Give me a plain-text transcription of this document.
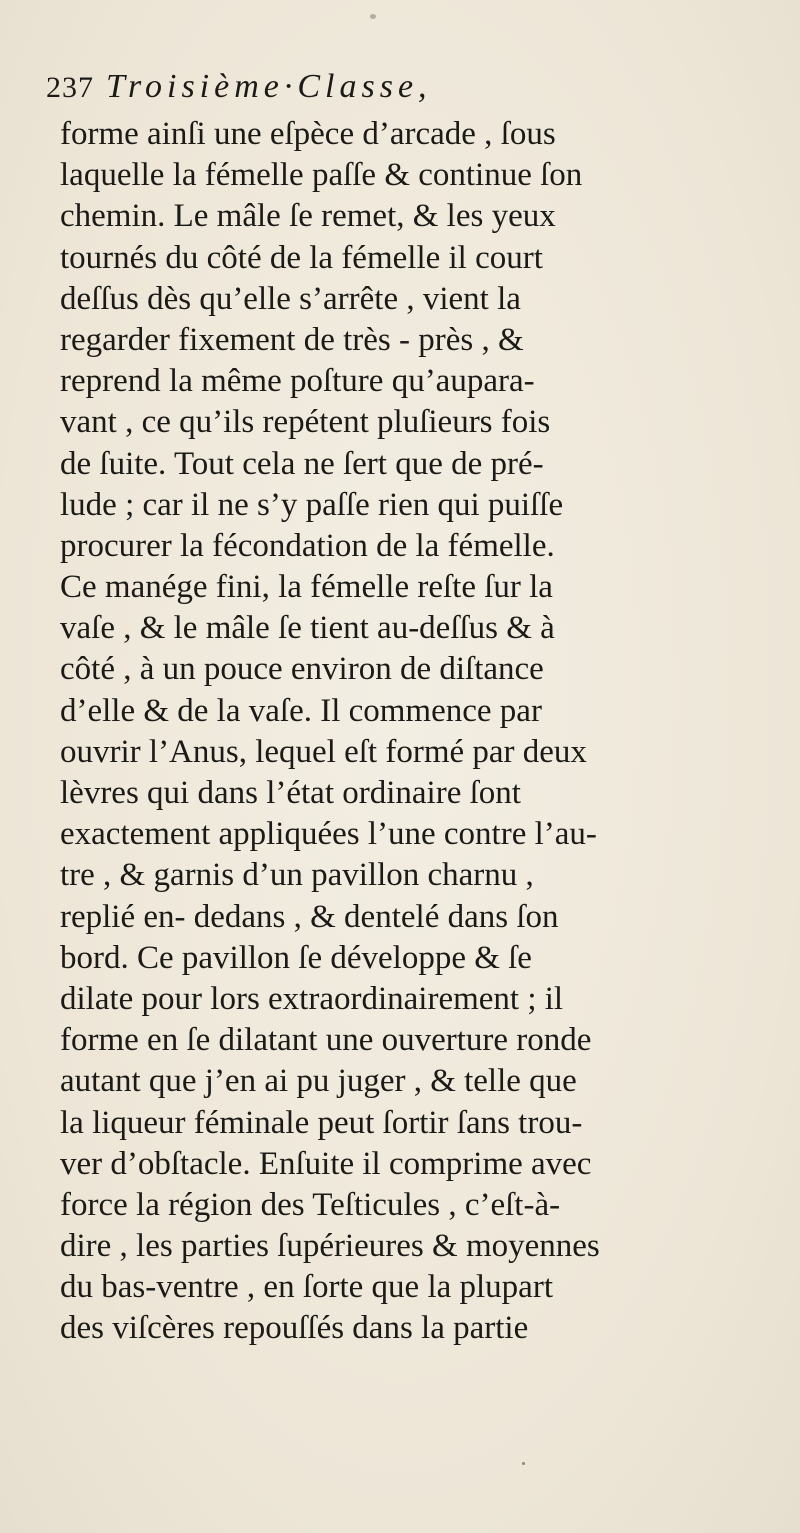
237 Troisième·Classe,
forme ainſi une eſpèce d’arcade , ſous
laquelle la fémelle paſſe & continue ſon
chemin. Le mâle ſe remet, & les yeux
tournés du côté de la fémelle il court
deſſus dès qu’elle s’arrête , vient la
regarder fixement de très - près , &
reprend la même poſture qu’aupara-
vant , ce qu’ils repétent pluſieurs fois
de ſuite. Tout cela ne ſert que de pré-
lude ; car il ne s’y paſſe rien qui puiſſe
procurer la fécondation de la fémelle.
Ce manége fini, la fémelle reſte ſur la
vaſe , & le mâle ſe tient au-deſſus & à
côté , à un pouce environ de diſtance
d’elle & de la vaſe. Il commence par
ouvrir l’Anus, lequel eſt formé par deux
lèvres qui dans l’état ordinaire ſont
exactement appliquées l’une contre l’au-
tre , & garnis d’un pavillon charnu ,
replié en- dedans , & dentelé dans ſon
bord. Ce pavillon ſe développe & ſe
dilate pour lors extraordinairement ; il
forme en ſe dilatant une ouverture ronde
autant que j’en ai pu juger , & telle que
la liqueur féminale peut ſortir ſans trou-
ver d’obſtacle. Enſuite il comprime avec
force la région des Teſticules , c’eſt-à-
dire , les parties ſupérieures & moyennes
du bas-ventre , en ſorte que la plupart
des viſcères repouſſés dans la partie
